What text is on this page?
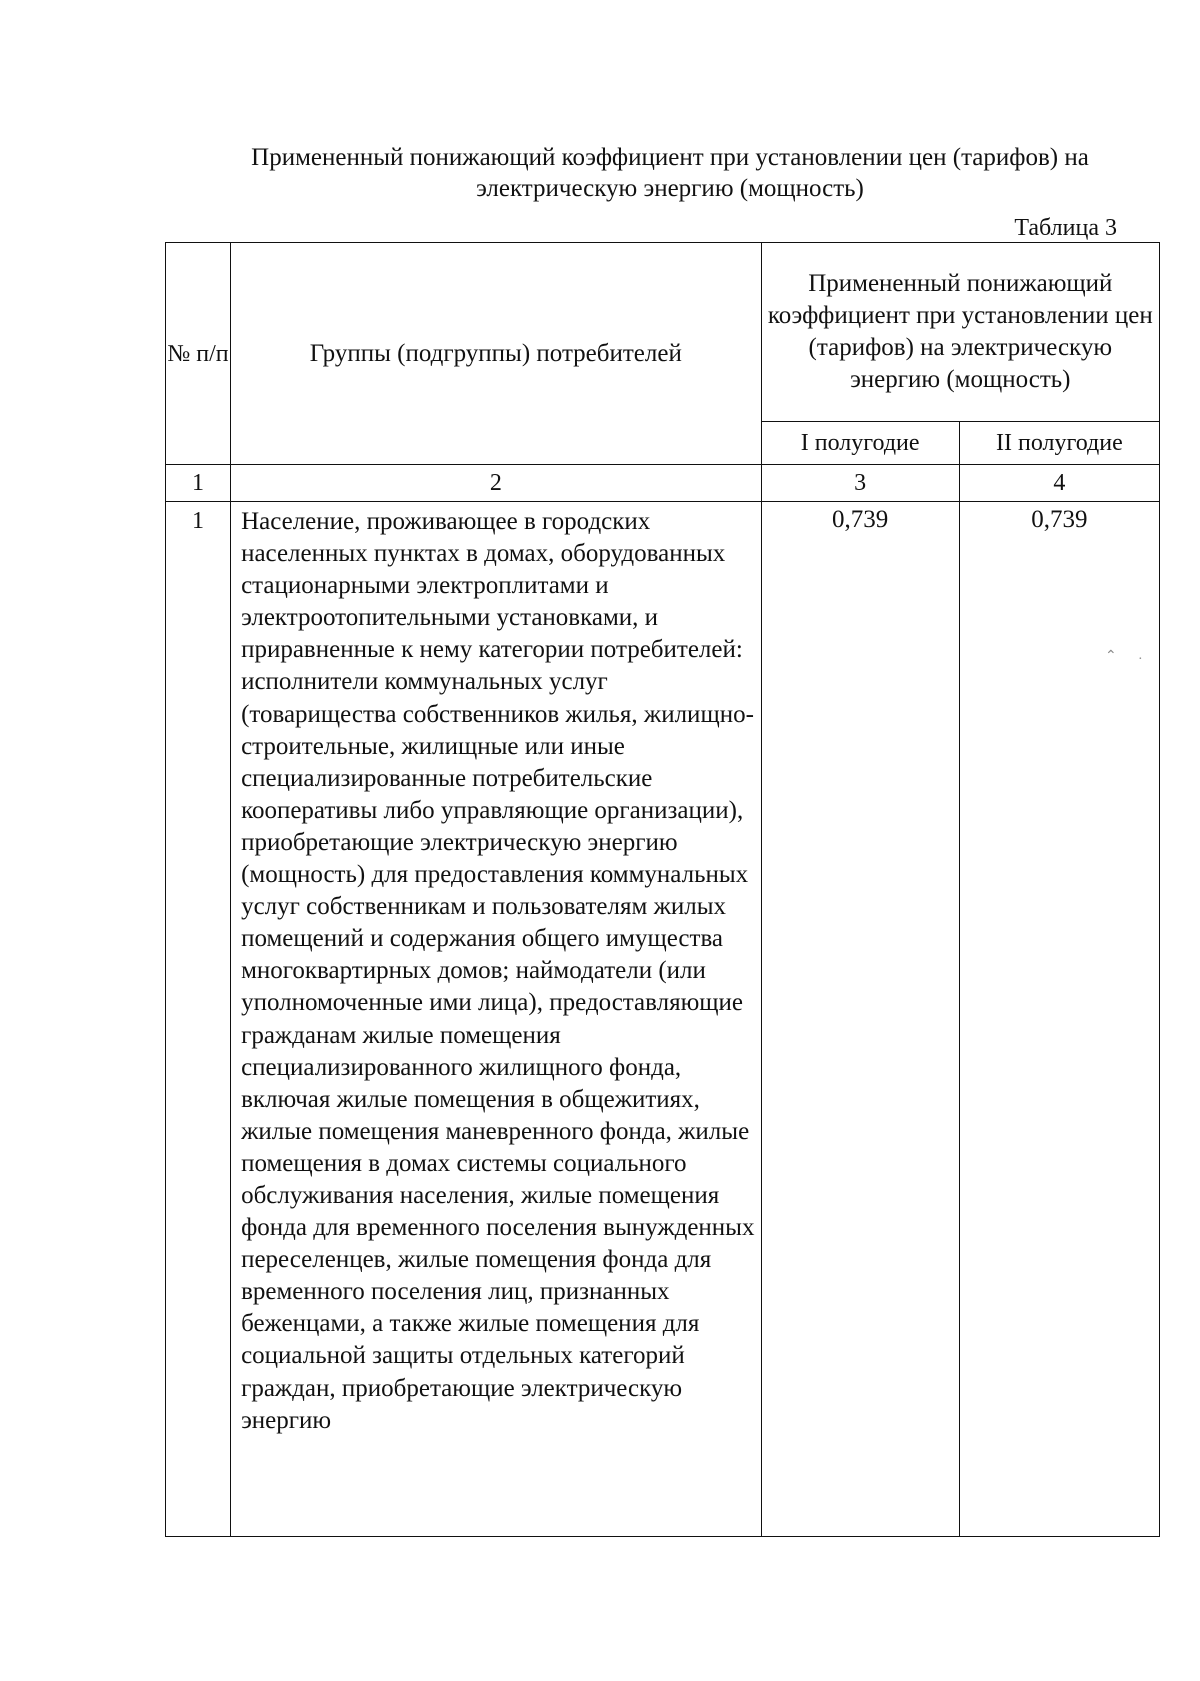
Примененный понижающий коэффициент при установлении цен (тарифов) на
электрическую энергию (мощность)
Таблица 3
№ п/п	Группы (подгруппы) потребителей	Примененный понижающий коэффициент при установлении цен (тарифов) на электрическую энергию (мощность)	
		I полугодие	II полугодие
1	2	3	4
1	Население, проживающее в городских населенных пунктах в домах, оборудованных стационарными электроплитами и электроотопительными установками, и приравненные к нему категории потребителей: исполнители коммунальных услуг (товарищества собственников жилья, жилищно-строительные, жилищные или иные специализированные потребительские кооперативы либо управляющие организации), приобретающие электрическую энергию (мощность) для предоставления коммунальных услуг собственникам и пользователям жилых помещений и содержания общего имущества многоквартирных домов; наймодатели (или уполномоченные ими лица), предоставляющие гражданам жилые помещения специализированного жилищного фонда, включая жилые помещения в общежитиях, жилые помещения маневренного фонда, жилые помещения в домах системы социального обслуживания населения, жилые помещения фонда для временного поселения вынужденных переселенцев, жилые помещения фонда для временного поселения лиц, признанных беженцами, а также жилые помещения для социальной защиты отдельных категорий граждан, приобретающие электрическую энергию	0,739	0,739
⌃ ·
